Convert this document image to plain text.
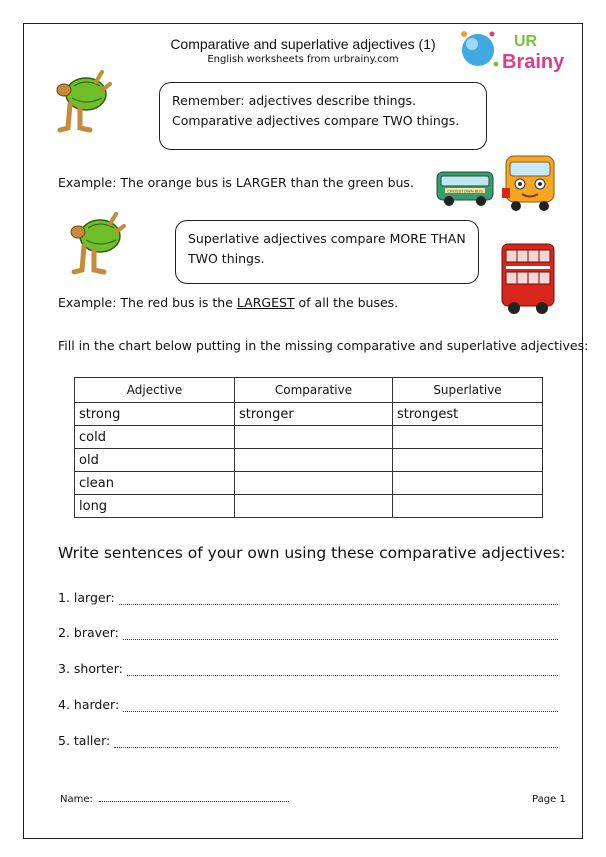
Comparative and superlative adjectives (1)
English worksheets from urbrainy.com
UR
Brainy
Remember: adjectives describe things. Comparative adjectives compare TWO things.
Example: The orange bus is LARGER than the green bus.
CROSSTOWN BUS
Superlative adjectives compare MORE THAN TWO things.
Example: The red bus is the LARGEST of all the buses.
Fill in the chart below putting in the missing comparative and superlative adjectives:
Adjective	Comparative	Superlative
strong	stronger	strongest
cold		
old		
clean		
long		
Write sentences of your own using these comparative adjectives:
1. larger:
2. braver:
3. shorter:
4. harder:
5. taller:
Name:	Page 1
